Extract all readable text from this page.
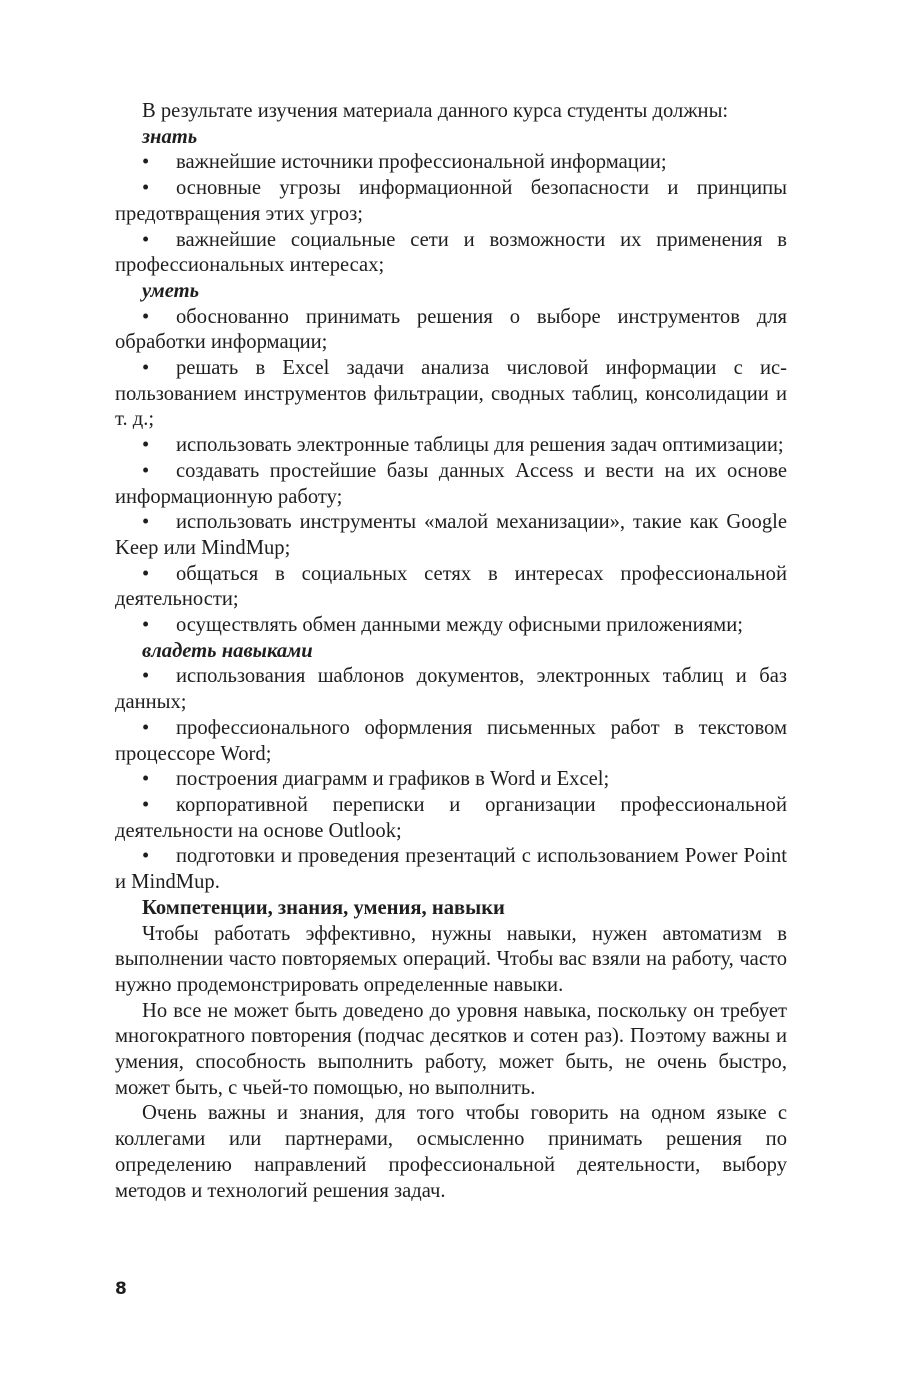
В результате изучения материала данного курса студенты должны:

знать

• важнейшие источники профессиональной информации;

• основные угрозы информационной безопасности и принципы предотвращения этих угроз;

• важнейшие социальные сети и возможности их применения в профессиональных интересах;

уметь

• обоснованно принимать решения о выборе инструментов для обработки информации;

• решать в Excel задачи анализа числовой информации с использованием инструментов фильтрации, сводных таблиц, консолидации и т. д.;

• использовать электронные таблицы для решения задач оптимизации;

• создавать простейшие базы данных Access и вести на их основе информационную работу;

• использовать инструменты «малой механизации», такие как Google Keep или MindMup;

• общаться в социальных сетях в интересах профессиональной деятельности;

• осуществлять обмен данными между офисными приложениями;

владеть навыками

• использования шаблонов документов, электронных таблиц и баз данных;

• профессионального оформления письменных работ в текстовом процессоре Word;

• построения диаграмм и графиков в Word и Excel;

• корпоративной переписки и организации профессиональной деятельности на основе Outlook;

• подготовки и проведения презентаций с использованием Power Point и MindMup.

Компетенции, знания, умения, навыки

Чтобы работать эффективно, нужны навыки, нужен автоматизм в выполнении часто повторяемых операций. Чтобы вас взяли на работу, часто нужно продемонстрировать определенные навыки.

Но все не может быть доведено до уровня навыка, поскольку он требует многократного повторения (подчас десятков и сотен раз). Поэтому важны и умения, способность выполнить работу, может быть, не очень быстро, может быть, с чьей-то помощью, но выполнить.

Очень важны и знания, для того чтобы говорить на одном языке с коллегами или партнерами, осмысленно принимать решения по определению направлений профессиональной деятельности, выбору методов и технологий решения задач.

8
